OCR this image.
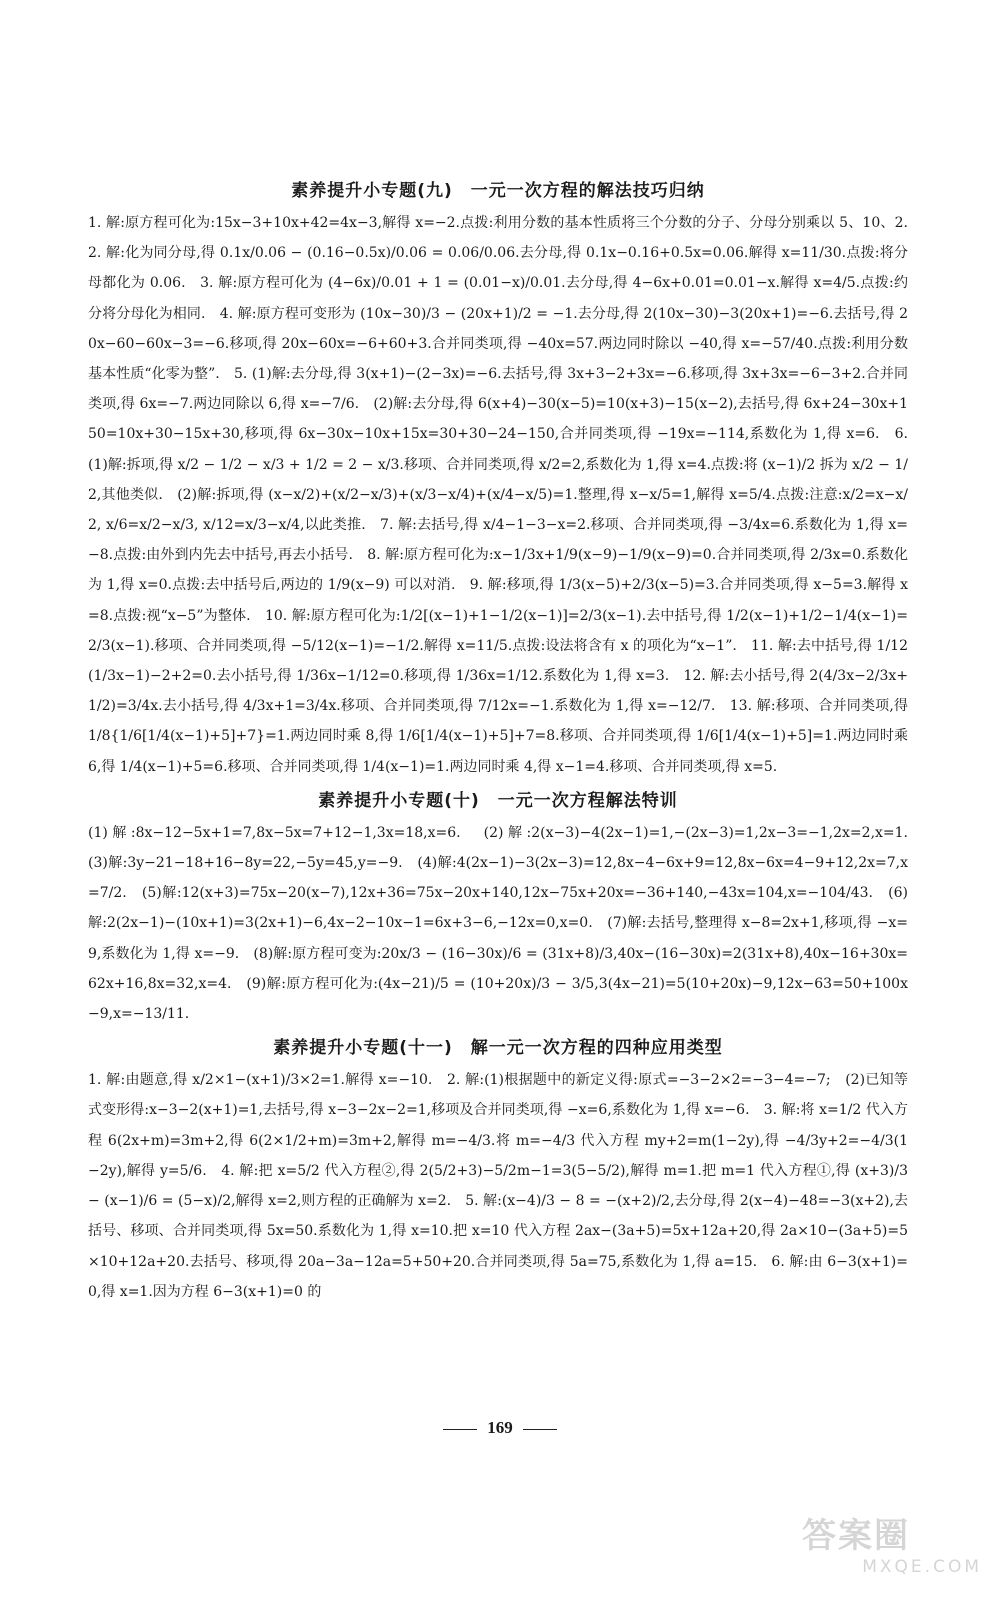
素养提升小专题(九)　一元一次方程的解法技巧归纳

1. 解:原方程可化为:15x−3+10x+42=4x−3,解得 x=−2.点拨:利用分数的基本性质将三个分数的分子、分母分别乘以 5、10、2.　2. 解:化为同分母,得 0.1x/0.06 − (0.16−0.5x)/0.06 = 0.06/0.06.去分母,得 0.1x−0.16+0.5x=0.06.解得 x=11/30.点拨:将分母都化为 0.06.　3. 解:原方程可化为 (4−6x)/0.01 + 1 = (0.01−x)/0.01.去分母,得 4−6x+0.01=0.01−x.解得 x=4/5.点拨:约分将分母化为相同.　4. 解:原方程可变形为 (10x−30)/3 − (20x+1)/2 = −1.去分母,得 2(10x−30)−3(20x+1)=−6.去括号,得 20x−60−60x−3=−6.移项,得 20x−60x=−6+60+3.合并同类项,得 −40x=57.两边同时除以 −40,得 x=−57/40.点拨:利用分数基本性质“化零为整”.　5. (1)解:去分母,得 3(x+1)−(2−3x)=−6.去括号,得 3x+3−2+3x=−6.移项,得 3x+3x=−6−3+2.合并同类项,得 6x=−7.两边同除以 6,得 x=−7/6.　(2)解:去分母,得 6(x+4)−30(x−5)=10(x+3)−15(x−2),去括号,得 6x+24−30x+150=10x+30−15x+30,移项,得 6x−30x−10x+15x=30+30−24−150,合并同类项,得 −19x=−114,系数化为 1,得 x=6.　6. (1)解:拆项,得 x/2 − 1/2 − x/3 + 1/2 = 2 − x/3.移项、合并同类项,得 x/2=2,系数化为 1,得 x=4.点拨:将 (x−1)/2 拆为 x/2 − 1/2,其他类似.　(2)解:拆项,得 (x−x/2)+(x/2−x/3)+(x/3−x/4)+(x/4−x/5)=1.整理,得 x−x/5=1,解得 x=5/4.点拨:注意:x/2=x−x/2, x/6=x/2−x/3, x/12=x/3−x/4,以此类推.　7. 解:去括号,得 x/4−1−3−x=2.移项、合并同类项,得 −3/4x=6.系数化为 1,得 x=−8.点拨:由外到内先去中括号,再去小括号.　8. 解:原方程可化为:x−1/3x+1/9(x−9)−1/9(x−9)=0.合并同类项,得 2/3x=0.系数化为 1,得 x=0.点拨:去中括号后,两边的 1/9(x−9) 可以对消.　9. 解:移项,得 1/3(x−5)+2/3(x−5)=3.合并同类项,得 x−5=3.解得 x=8.点拨:视“x−5”为整体.　10. 解:原方程可化为:1/2[(x−1)+1−1/2(x−1)]=2/3(x−1).去中括号,得 1/2(x−1)+1/2−1/4(x−1)=2/3(x−1).移项、合并同类项,得 −5/12(x−1)=−1/2.解得 x=11/5.点拨:设法将含有 x 的项化为“x−1”.　11. 解:去中括号,得 1/12(1/3x−1)−2+2=0.去小括号,得 1/36x−1/12=0.移项,得 1/36x=1/12.系数化为 1,得 x=3.　12. 解:去小括号,得 2(4/3x−2/3x+1/2)=3/4x.去小括号,得 4/3x+1=3/4x.移项、合并同类项,得 7/12x=−1.系数化为 1,得 x=−12/7.　13. 解:移项、合并同类项,得 1/8{1/6[1/4(x−1)+5]+7}=1.两边同时乘 8,得 1/6[1/4(x−1)+5]+7=8.移项、合并同类项,得 1/6[1/4(x−1)+5]=1.两边同时乘 6,得 1/4(x−1)+5=6.移项、合并同类项,得 1/4(x−1)=1.两边同时乘 4,得 x−1=4.移项、合并同类项,得 x=5.

素养提升小专题(十)　一元一次方程解法特训

(1)解:8x−12−5x+1=7,8x−5x=7+12−1,3x=18,x=6.　(2)解:2(x−3)−4(2x−1)=1,−(2x−3)=1,2x−3=−1,2x=2,x=1.　(3)解:3y−21−18+16−8y=22,−5y=45,y=−9.　(4)解:4(2x−1)−3(2x−3)=12,8x−4−6x+9=12,8x−6x=4−9+12,2x=7,x=7/2.　(5)解:12(x+3)=75x−20(x−7),12x+36=75x−20x+140,12x−75x+20x=−36+140,−43x=104,x=−104/43.　(6)解:2(2x−1)−(10x+1)=3(2x+1)−6,4x−2−10x−1=6x+3−6,−12x=0,x=0.　(7)解:去括号,整理得 x−8=2x+1,移项,得 −x=9,系数化为 1,得 x=−9.　(8)解:原方程可变为:20x/3 − (16−30x)/6 = (31x+8)/3,40x−(16−30x)=2(31x+8),40x−16+30x=62x+16,8x=32,x=4.　(9)解:原方程可化为:(4x−21)/5 = (10+20x)/3 − 3/5,3(4x−21)=5(10+20x)−9,12x−63=50+100x−9,x=−13/11.

素养提升小专题(十一)　解一元一次方程的四种应用类型

1. 解:由题意,得 x/2×1−(x+1)/3×2=1.解得 x=−10.　2. 解:(1)根据题中的新定义得:原式=−3−2×2=−3−4=−7;　(2)已知等式变形得:x−3−2(x+1)=1,去括号,得 x−3−2x−2=1,移项及合并同类项,得 −x=6,系数化为 1,得 x=−6.　3. 解:将 x=1/2 代入方程 6(2x+m)=3m+2,得 6(2×1/2+m)=3m+2,解得 m=−4/3.将 m=−4/3 代入方程 my+2=m(1−2y),得 −4/3y+2=−4/3(1−2y),解得 y=5/6.　4. 解:把 x=5/2 代入方程②,得 2(5/2+3)−5/2m−1=3(5−5/2),解得 m=1.把 m=1 代入方程①,得 (x+3)/3 − (x−1)/6 = (5−x)/2,解得 x=2,则方程的正确解为 x=2.　5. 解:(x−4)/3 − 8 = −(x+2)/2,去分母,得 2(x−4)−48=−3(x+2),去括号、移项、合并同类项,得 5x=50.系数化为 1,得 x=10.把 x=10 代入方程 2ax−(3a+5)=5x+12a+20,得 2a×10−(3a+5)=5×10+12a+20.去括号、移项,得 20a−3a−12a=5+50+20.合并同类项,得 5a=75,系数化为 1,得 a=15.　6. 解:由 6−3(x+1)=0,得 x=1.因为方程 6−3(x+1)=0 的

169
答案圈
MXQE.COM
